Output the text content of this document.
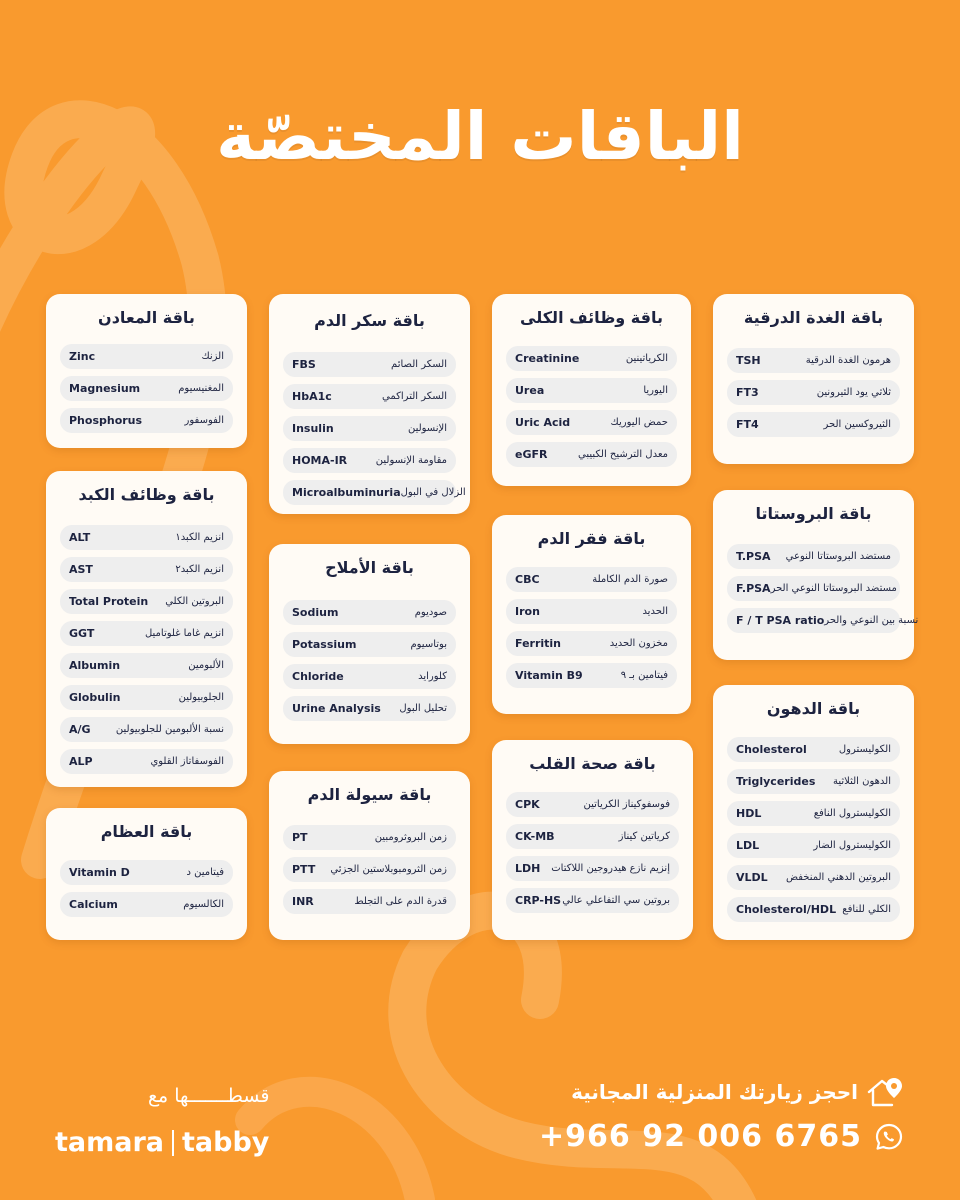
الباقات المختصّة
باقة المعادن
Zinc	الزنك
Magnesium	المغنيسيوم
Phosphorus	الفوسفور
باقة سكر الدم
FBS	السكر الصائم
HbA1c	السكر التراكمي
Insulin	الإنسولين
HOMA-IR	مقاومة الإنسولين
Microalbuminuria الزلال في البول
باقة وظائف الكلى
Creatinine	الكرياتينين
Urea	اليوريا
Uric Acid	حمض اليوريك
eGFR	معدل الترشيح الكبيبي
باقة الغدة الدرقية
TSH	هرمون الغدة الدرقية
FT3	ثلاثي يود الثيرونين
FT4	الثيروكسين الحر
باقة وظائف الكبد
ALT	انزيم الكبد١
AST	انزيم الكبد٢
Total Protein البروتين الكلي
GGT	انزيم غاما غلوتاميل
Albumin	الألبومين
Globulin	الجلوبيولين
A/G	نسبة الألبومين للجلوبيولين
ALP	الفوسفاتاز القلوي
باقة الأملاح
Sodium	صوديوم
Potassium	بوتاسيوم
Chloride	كلورايد
Urine Analysis تحليل البول
باقة فقر الدم
CBC	صورة الدم الكاملة
Iron	الحديد
Ferritin	مخزون الحديد
Vitamin B9	فيتامين بـ ٩
باقة البروستاتا
T.PSA مستضد البروستاتا النوعي
F.PSA مستضد البروستاتا النوعي الحر
F / T PSA ratio نسبة بين النوعي والحر
باقة الدهون
Cholesterol	الكوليسترول
Triglycerides الدهون الثلاثية
HDL	الكوليسترول النافع
LDL	الكوليسترول الضار
VLDL البروتين الدهني المنخفض
Cholesterol/HDL الكلي للنافع
باقة العظام
Vitamin D	فيتامين د
Calcium	الكالسيوم
باقة سيولة الدم
PT	زمن البروثرومبين
PTT زمن الثرومبوبلاستين الجزئي
INR	قدرة الدم على التجلط
باقة صحة القلب
CPK	فوسفوكيناز الكرياتين
CK-MB	كرياتين كيناز
LDH إنزيم نازع هيدروجين اللاكتات
CRP-HS بروتين سي التفاعلي عالي
قسطـــــــها مع
tamara tabby
احجز زيارتك المنزلية المجانية
+966 92 006 6765
